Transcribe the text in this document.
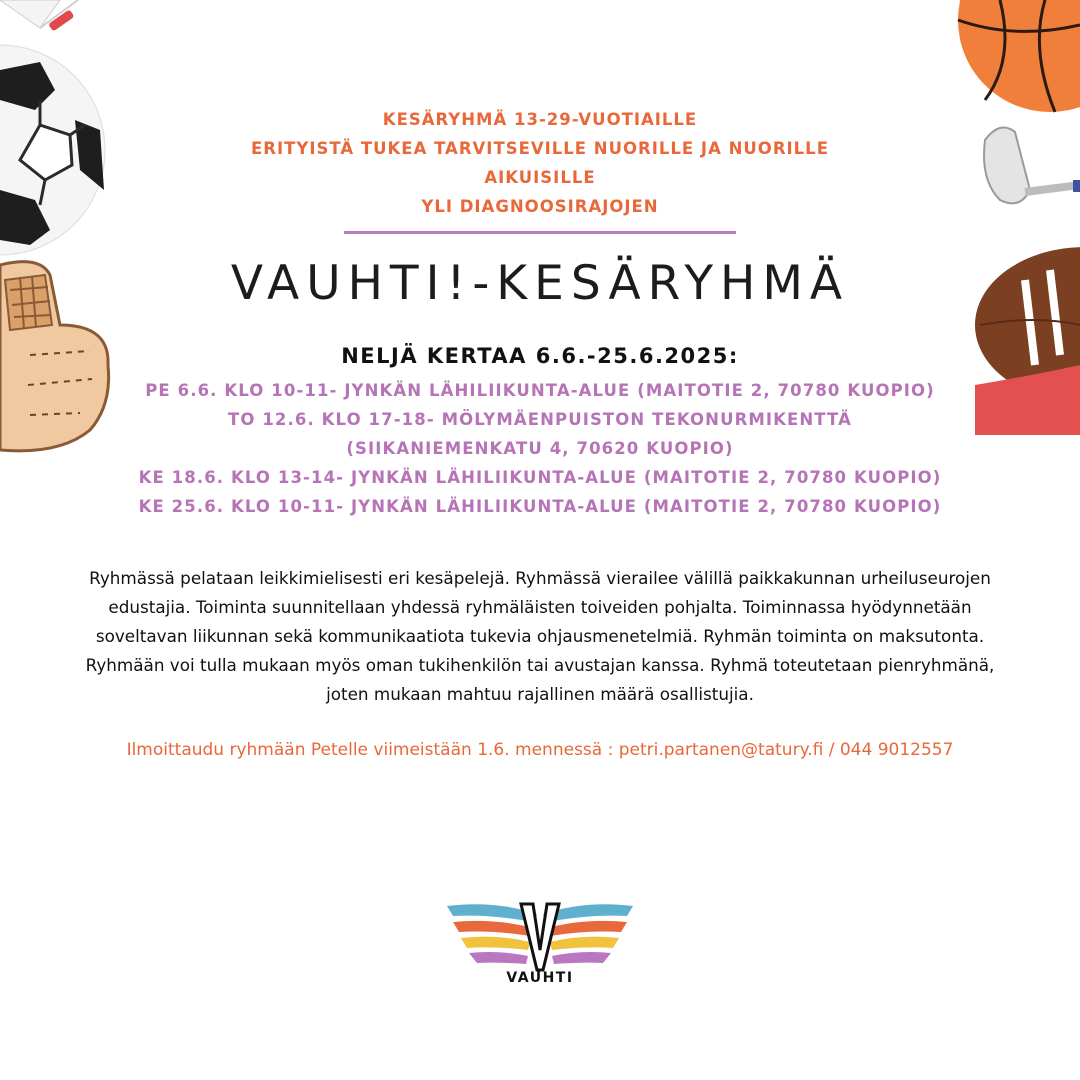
KESÄRYHMÄ 13-29-VUOTIAILLE
ERITYISTÄ TUKEA TARVITSEVILLE NUORILLE JA NUORILLE
AIKUISILLE
YLI DIAGNOOSIRAJOJEN
VAUHTI!-KESÄRYHMÄ
NELJÄ KERTAA 6.6.-25.6.2025:
PE 6.6. KLO 10-11- JYNKÄN LÄHILIIKUNTA-ALUE (MAITOTIE 2, 70780 KUOPIO)
TO 12.6. KLO 17-18- MÖLYMÄENPUISTON TEKONURMIKENTTÄ
(SIIKANIEMENKATU 4, 70620 KUOPIO)
KE 18.6. KLO 13-14- JYNKÄN LÄHILIIKUNTA-ALUE (MAITOTIE 2, 70780 KUOPIO)
KE 25.6. KLO 10-11- JYNKÄN LÄHILIIKUNTA-ALUE (MAITOTIE 2, 70780 KUOPIO)
Ryhmässä pelataan leikkimielisesti eri kesäpelejä. Ryhmässä vierailee välillä paikkakunnan urheiluseurojen
edustajia. Toiminta suunnitellaan yhdessä ryhmäläisten toiveiden pohjalta. Toiminnassa hyödynnetään
soveltavan liikunnan sekä kommunikaatiota tukevia ohjausmenetelmiä. Ryhmän toiminta on maksutonta.
Ryhmään voi tulla mukaan myös oman tukihenkilön tai avustajan kanssa. Ryhmä toteutetaan pienryhmänä,
joten mukaan mahtuu rajallinen määrä osallistujia.
Ilmoittaudu ryhmään Petelle viimeistään 1.6. mennessä : petri.partanen@tatury.fi / 044 9012557
VAUHTI
